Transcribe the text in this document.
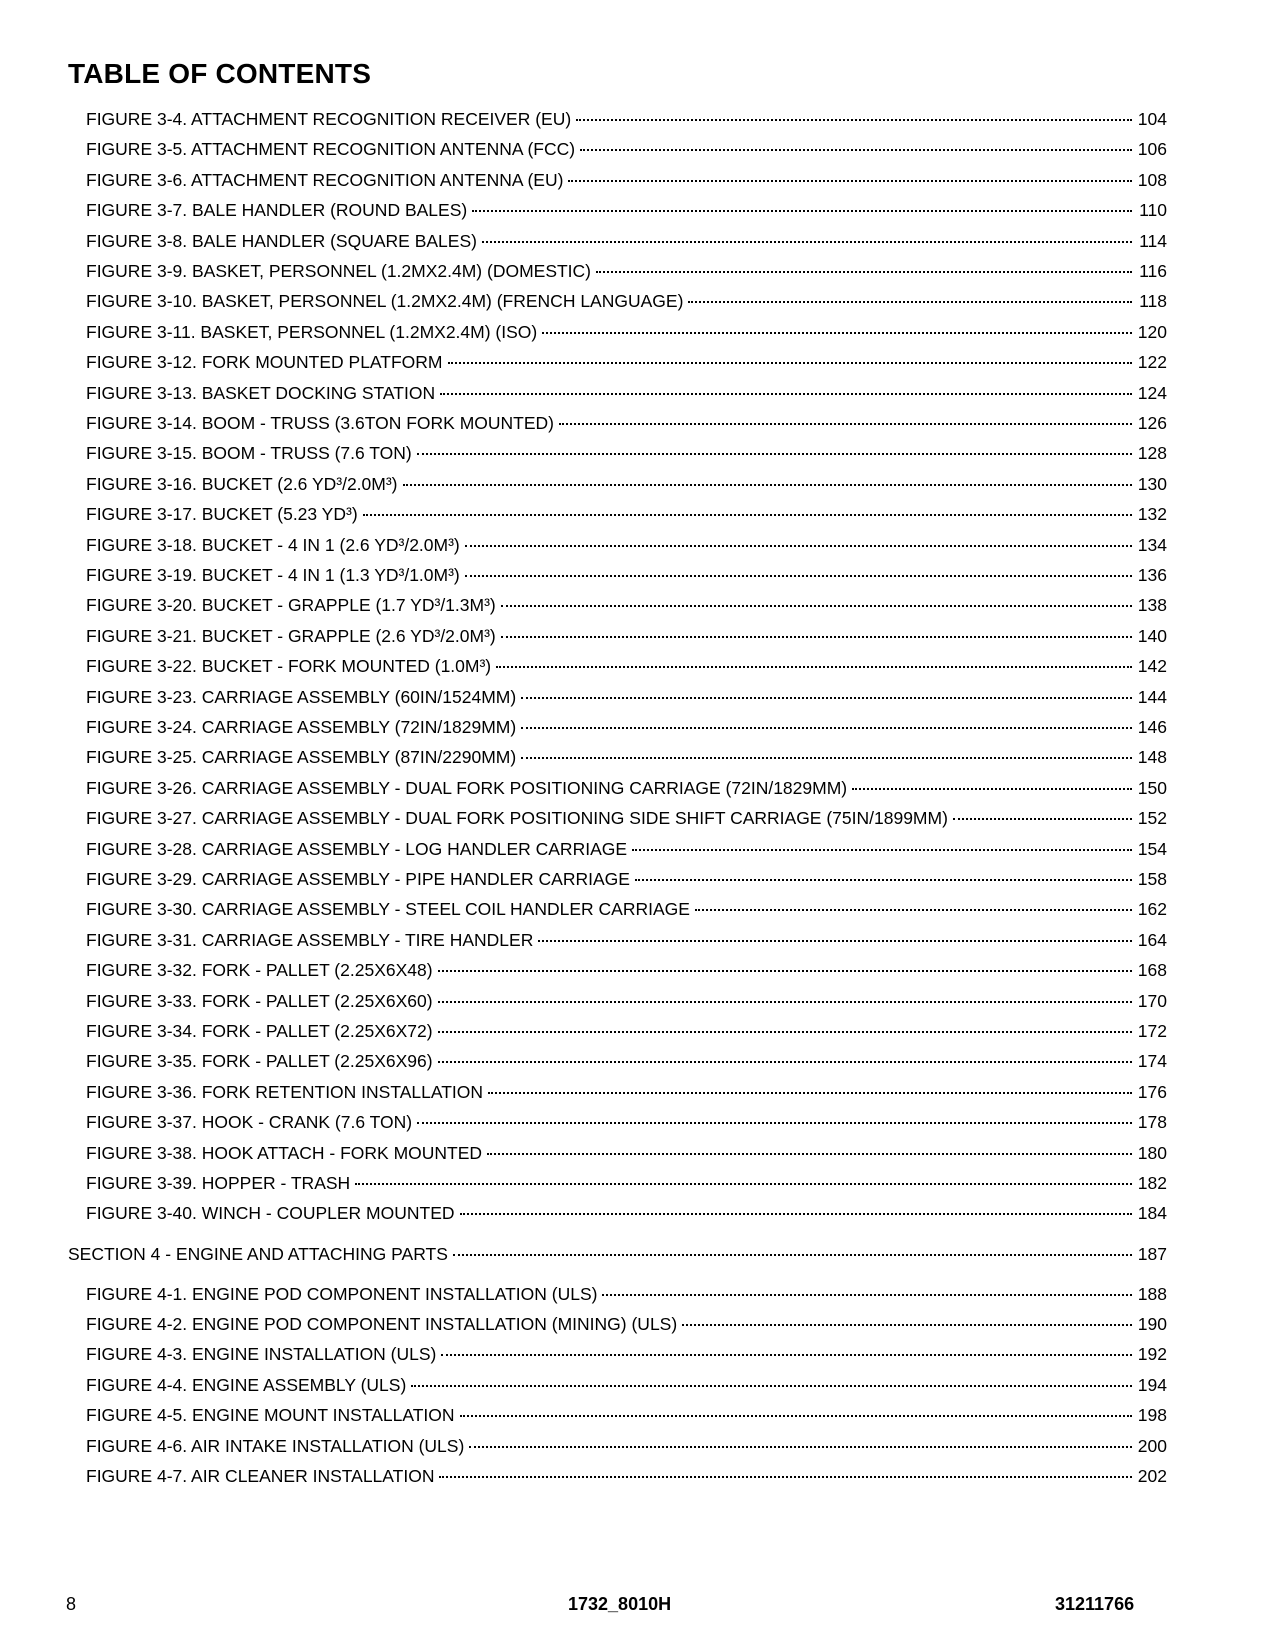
TABLE OF CONTENTS
FIGURE 3-4. ATTACHMENT RECOGNITION RECEIVER (EU)	104
FIGURE 3-5. ATTACHMENT RECOGNITION ANTENNA (FCC)	106
FIGURE 3-6. ATTACHMENT RECOGNITION ANTENNA (EU)	108
FIGURE 3-7. BALE HANDLER (ROUND BALES)	110
FIGURE 3-8. BALE HANDLER (SQUARE BALES)	114
FIGURE 3-9. BASKET, PERSONNEL (1.2MX2.4M) (DOMESTIC)	116
FIGURE 3-10. BASKET, PERSONNEL (1.2MX2.4M) (FRENCH LANGUAGE)	118
FIGURE 3-11. BASKET, PERSONNEL (1.2MX2.4M) (ISO)	120
FIGURE 3-12. FORK MOUNTED PLATFORM	122
FIGURE 3-13. BASKET DOCKING STATION	124
FIGURE 3-14. BOOM - TRUSS (3.6TON FORK MOUNTED)	126
FIGURE 3-15. BOOM - TRUSS (7.6 TON)	128
FIGURE 3-16. BUCKET (2.6 YD³/2.0M³)	130
FIGURE 3-17. BUCKET (5.23 YD³)	132
FIGURE 3-18. BUCKET - 4 IN 1 (2.6 YD³/2.0M³)	134
FIGURE 3-19. BUCKET - 4 IN 1 (1.3 YD³/1.0M³)	136
FIGURE 3-20. BUCKET - GRAPPLE (1.7 YD³/1.3M³)	138
FIGURE 3-21. BUCKET - GRAPPLE (2.6 YD³/2.0M³)	140
FIGURE 3-22. BUCKET - FORK MOUNTED (1.0M³)	142
FIGURE 3-23. CARRIAGE ASSEMBLY (60IN/1524MM)	144
FIGURE 3-24. CARRIAGE ASSEMBLY (72IN/1829MM)	146
FIGURE 3-25. CARRIAGE ASSEMBLY (87IN/2290MM)	148
FIGURE 3-26. CARRIAGE ASSEMBLY - DUAL FORK POSITIONING CARRIAGE (72IN/1829MM)	150
FIGURE 3-27. CARRIAGE ASSEMBLY - DUAL FORK POSITIONING SIDE SHIFT CARRIAGE (75IN/1899MM)	152
FIGURE 3-28. CARRIAGE ASSEMBLY - LOG HANDLER CARRIAGE	154
FIGURE 3-29. CARRIAGE ASSEMBLY - PIPE HANDLER CARRIAGE	158
FIGURE 3-30. CARRIAGE ASSEMBLY - STEEL COIL HANDLER CARRIAGE	162
FIGURE 3-31. CARRIAGE ASSEMBLY - TIRE HANDLER	164
FIGURE 3-32. FORK - PALLET (2.25X6X48)	168
FIGURE 3-33. FORK - PALLET (2.25X6X60)	170
FIGURE 3-34. FORK - PALLET (2.25X6X72)	172
FIGURE 3-35. FORK - PALLET (2.25X6X96)	174
FIGURE 3-36. FORK RETENTION INSTALLATION	176
FIGURE 3-37. HOOK - CRANK (7.6 TON)	178
FIGURE 3-38. HOOK ATTACH - FORK MOUNTED	180
FIGURE 3-39. HOPPER - TRASH	182
FIGURE 3-40. WINCH - COUPLER MOUNTED	184
SECTION 4 - ENGINE AND ATTACHING PARTS	187
FIGURE 4-1. ENGINE POD COMPONENT INSTALLATION (ULS)	188
FIGURE 4-2. ENGINE POD COMPONENT INSTALLATION (MINING) (ULS)	190
FIGURE 4-3. ENGINE INSTALLATION (ULS)	192
FIGURE 4-4. ENGINE ASSEMBLY (ULS)	194
FIGURE 4-5. ENGINE MOUNT INSTALLATION	198
FIGURE 4-6. AIR INTAKE INSTALLATION (ULS)	200
FIGURE 4-7. AIR CLEANER INSTALLATION	202
8	1732_8010H	31211766
